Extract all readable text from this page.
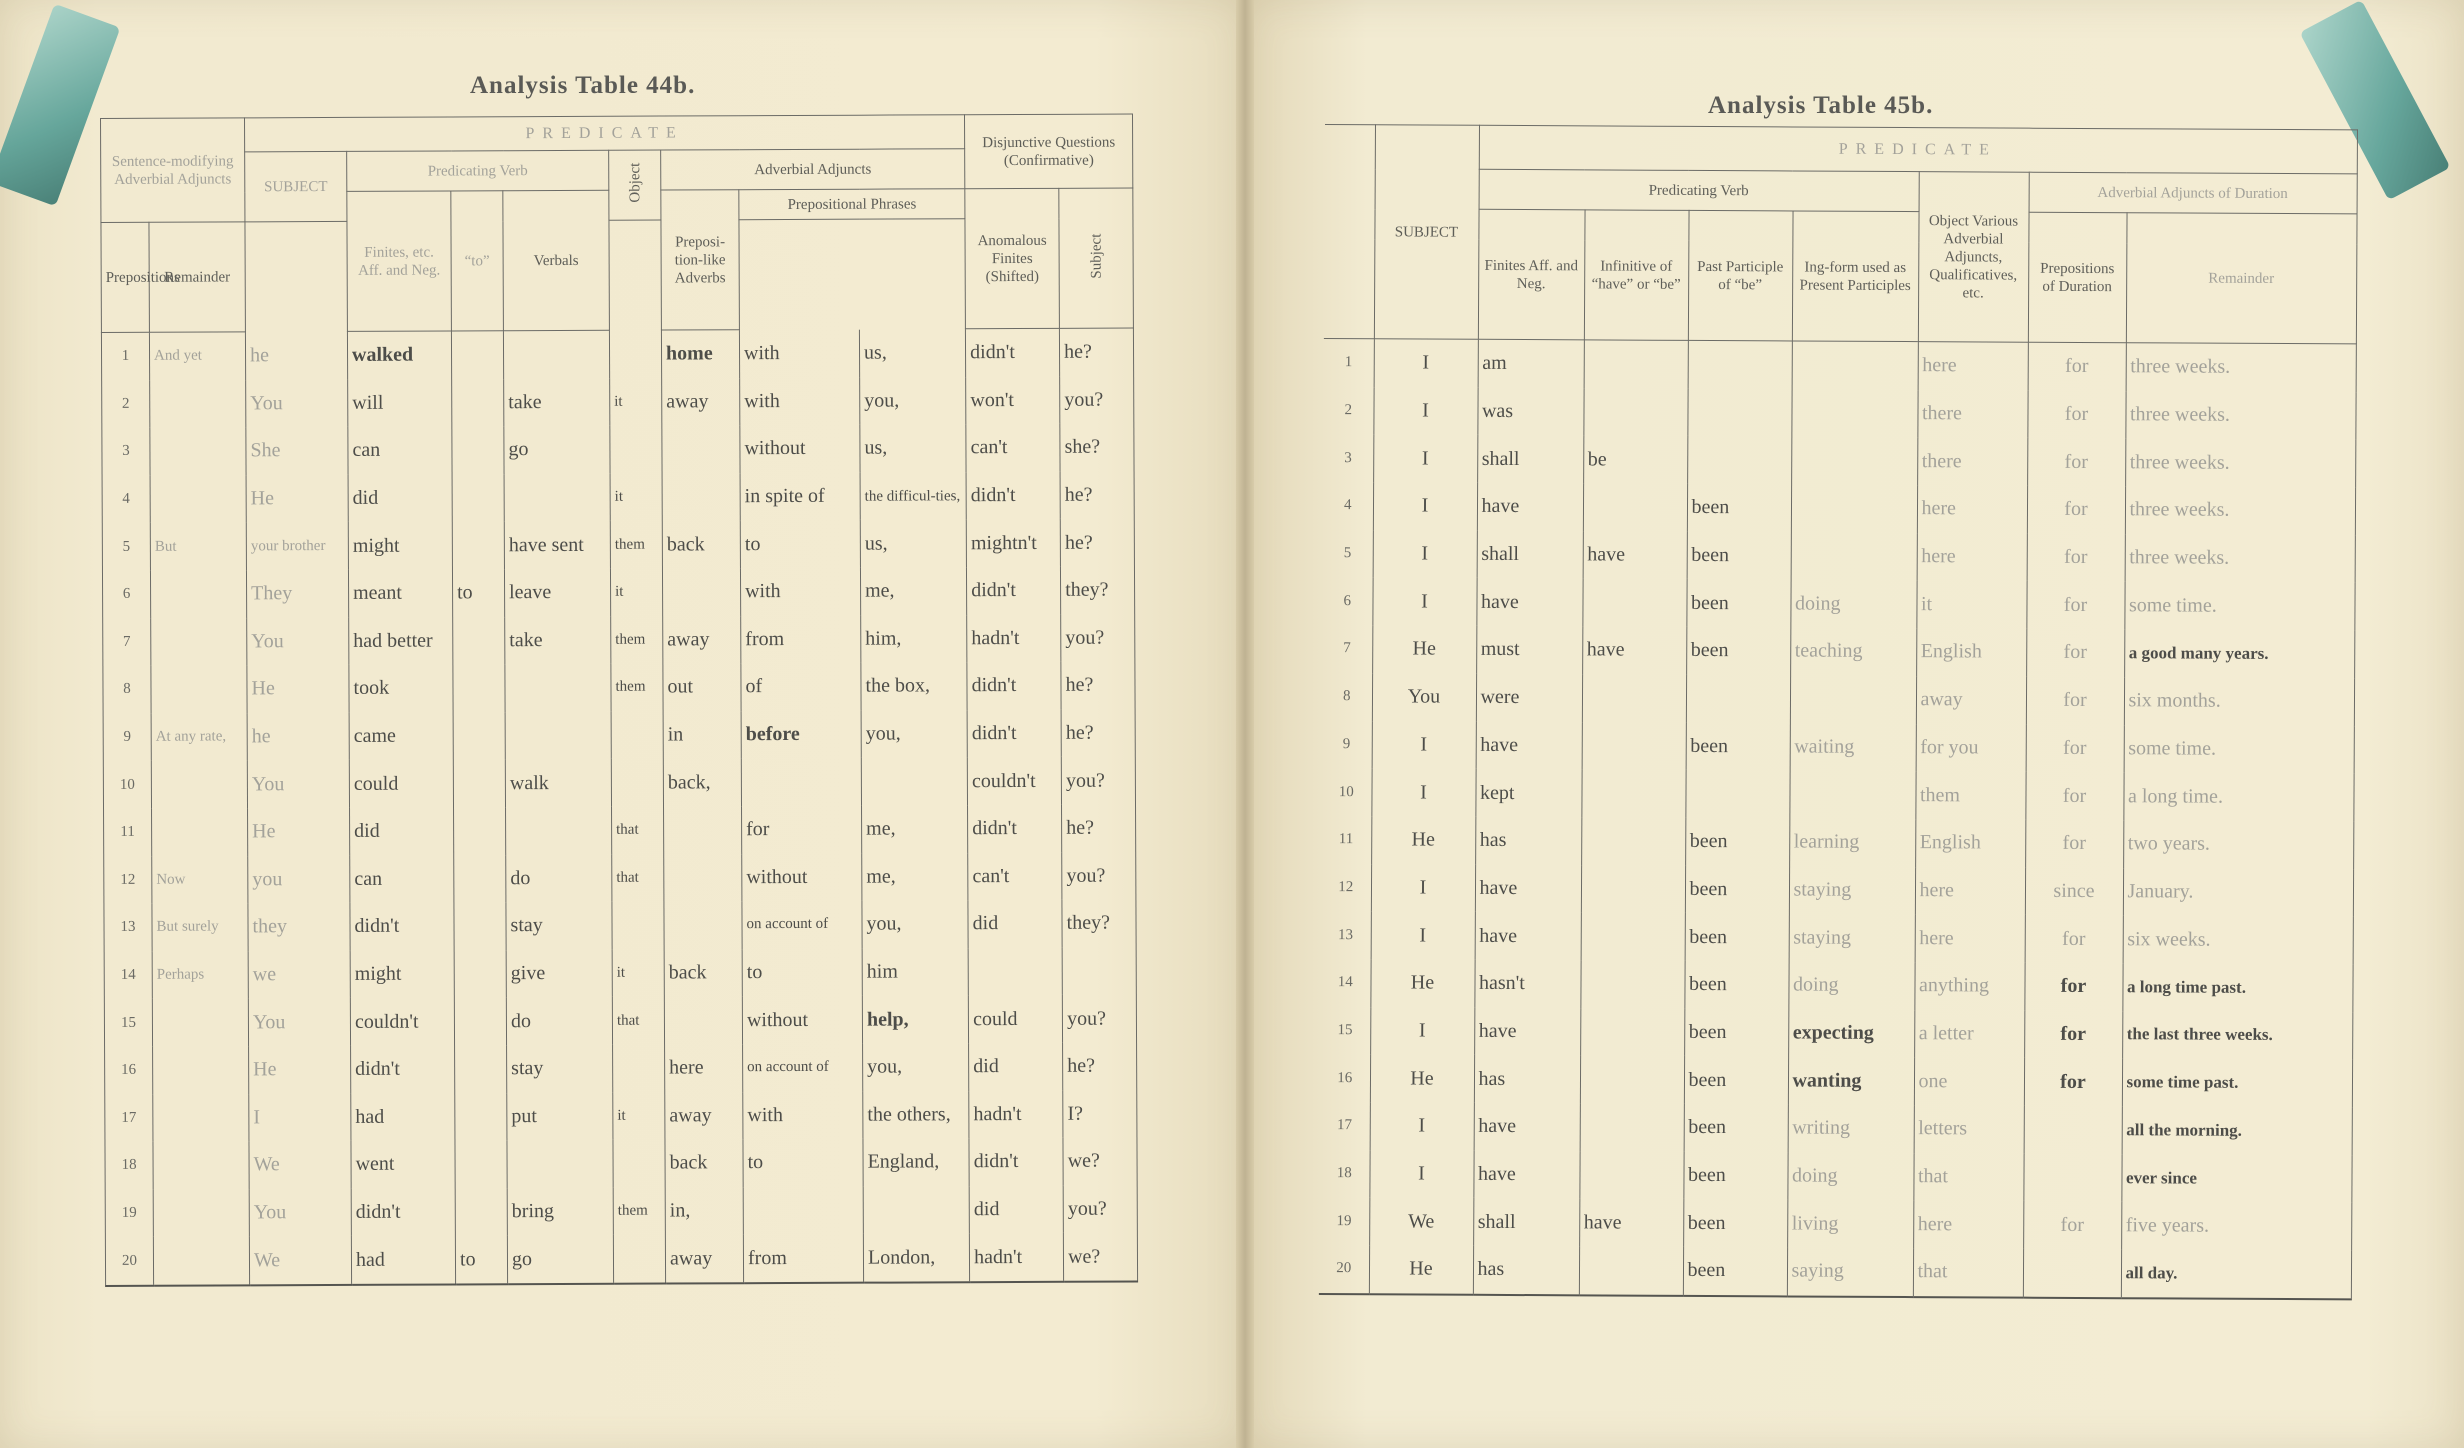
Analysis Table 44b.
Analysis Table 45b.
Sentence-modifying Adverbial Adjuncts		PREDICATE								Disjunctive Questions (Confirmative)	
		SUBJECT	Predicating Verb			Object	Adverbial Adjuncts				
			Finites, etc. Aff. and Neg.	“to”	Verbals		Preposi-tion-like Adverbs	Prepositional Phrases		Anomalous Finites (Shifted)	Subject
Prepositions	Remainder										
1	And yet	he	walked				home	with	us,	didn't	he?
2		You	will		take	it	away	with	you,	won't	you?
3		She	can		go			without	us,	can't	she?
4		He	did			it		in spite of	the difficul-ties,	didn't	he?
5	But	your brother	might		have sent	them	back	to	us,	mightn't	he?
6		They	meant	to	leave	it		with	me,	didn't	they?
7		You	had better		take	them	away	from	him,	hadn't	you?
8		He	took			them	out	of	the box,	didn't	he?
9	At any rate,	he	came				in	before	you,	didn't	he?
10		You	could		walk		back,			couldn't	you?
11		He	did			that		for	me,	didn't	he?
12	Now	you	can		do	that		without	me,	can't	you?
13	But surely	they	didn't		stay			on account of	you,	did	they?
14	Perhaps	we	might		give	it	back	to	him		
15		You	couldn't		do	that		without	help,	could	you?
16		He	didn't		stay		here	on account of	you,	did	he?
17		I	had		put	it	away	with	the others,	hadn't	I?
18		We	went				back	to	England,	didn't	we?
19		You	didn't		bring	them	in,			did	you?
20		We	had	to	go		away	from	London,	hadn't	we?
	SUBJECT	PREDICATE						
		Predicating Verb				Object Various Adverbial Adjuncts, Qualificatives, etc.	Adverbial Adjuncts of Duration	
		Finites Aff. and Neg.	Infinitive of “have” or “be”	Past Participle of “be”	Ing-form used as Present Participles		Prepositions of Duration	Remainder

1	I	am				here	for	three weeks.
2	I	was				there	for	three weeks.
3	I	shall	be			there	for	three weeks.
4	I	have		been		here	for	three weeks.
5	I	shall	have	been		here	for	three weeks.
6	I	have		been	doing	it	for	some time.
7	He	must	have	been	teaching	English	for	a good many years.
8	You	were				away	for	six months.
9	I	have		been	waiting	for you	for	some time.
10	I	kept				them	for	a long time.
11	He	has		been	learning	English	for	two years.
12	I	have		been	staying	here	since	January.
13	I	have		been	staying	here	for	six weeks.
14	He	hasn't		been	doing	anything	for	a long time past.
15	I	have		been	expecting	a letter	for	the last three weeks.
16	He	has		been	wanting	one	for	some time past.
17	I	have		been	writing	letters		all the morning.
18	I	have		been	doing	that		ever since
19	We	shall	have	been	living	here	for	five years.
20	He	has		been	saying	that		all day.
